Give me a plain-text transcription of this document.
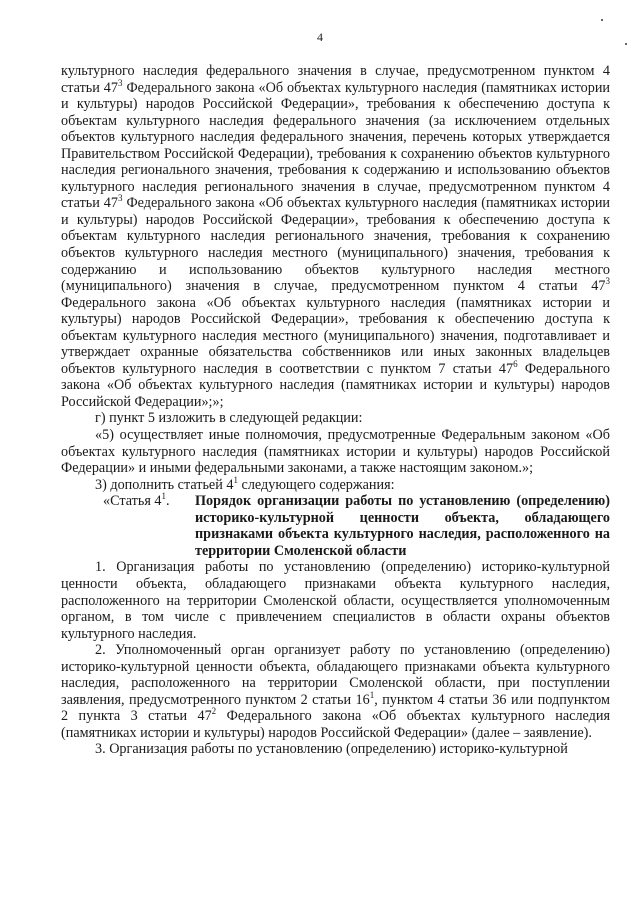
4

культурного наследия федерального значения в случае, предусмотренном пунктом 4 статьи $47^3$ Федерального закона «Об объектах культурного наследия (памятниках истории и культуры) народов Российской Федерации», требования к обеспечению доступа к объектам культурного наследия федерального значения (за исключением отдельных объектов культурного наследия федерального значения, перечень которых утверждается Правительством Российской Федерации), требования к сохранению объектов культурного наследия регионального значения, требования к содержанию и использованию объектов культурного наследия регионального значения в случае, предусмотренном пунктом 4 статьи $47^3$ Федерального закона «Об объектах культурного наследия (памятниках истории и культуры) народов Российской Федерации», требования к обеспечению доступа к объектам культурного наследия регионального значения, требования к сохранению объектов культурного наследия местного (муниципального) значения, требования к содержанию и использованию объектов культурного наследия местного (муниципального) значения в случае, предусмотренном пунктом 4 статьи $47^3$ Федерального закона «Об объектах культурного наследия (памятниках истории и культуры) народов Российской Федерации», требования к обеспечению доступа к объектам культурного наследия местного (муниципального) значения, подготавливает и утверждает охранные обязательства собственников или иных законных владельцев объектов культурного наследия в соответствии с пунктом 7 статьи $47^6$ Федерального закона «Об объектах культурного наследия (памятниках истории и культуры) народов Российской Федерации»;»;

г) пункт 5 изложить в следующей редакции:

«5) осуществляет иные полномочия, предусмотренные Федеральным законом «Об объектах культурного наследия (памятниках истории и культуры) народов Российской Федерации» и иными федеральными законами, а также настоящим законом.»;

3) дополнить статьей $4^1$ следующего содержания:

«Статья $4^1$.	Порядок организации работы по установлению (определению) историко-культурной ценности объекта, обладающего признаками объекта культурного наследия, расположенного на территории Смоленской области

1. Организация работы по установлению (определению) историко-культурной ценности объекта, обладающего признаками объекта культурного наследия, расположенного на территории Смоленской области, осуществляется уполномоченным органом, в том числе с привлечением специалистов в области охраны объектов культурного наследия.

2. Уполномоченный орган организует работу по установлению (определению) историко-культурной ценности объекта, обладающего признаками объекта культурного наследия, расположенного на территории Смоленской области, при поступлении заявления, предусмотренного пунктом 2 статьи $16^1$, пунктом 4 статьи 36 или подпунктом 2 пункта 3 статьи $47^2$ Федерального закона «Об объектах культурного наследия (памятниках истории и культуры) народов Российской Федерации» (далее – заявление).

3. Организация работы по установлению (определению) историко-культурной
